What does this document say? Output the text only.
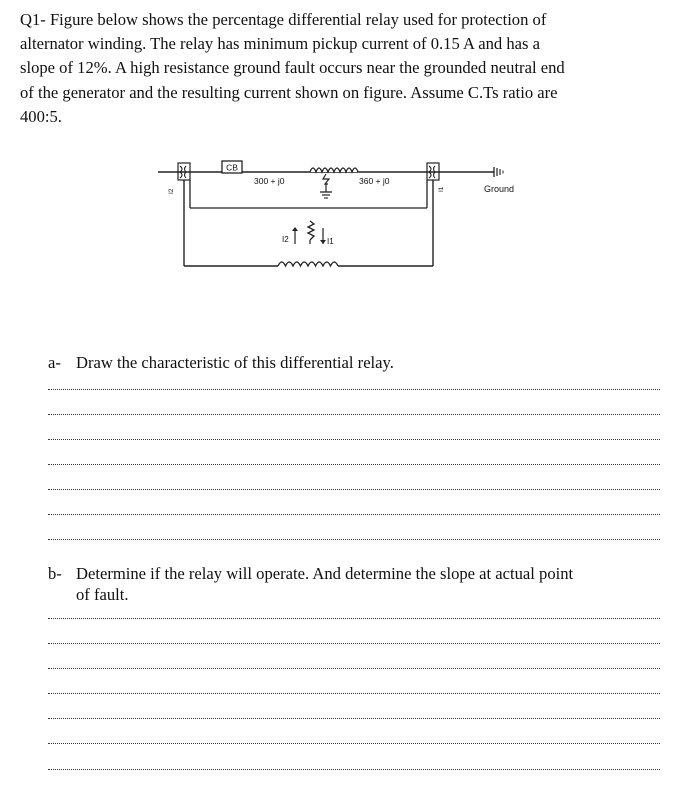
Q1- Figure below shows the percentage differential relay used for protection of
alternator winding. The relay has minimum pickup current of 0.15 A and has a
slope of 12%. A high resistance ground fault occurs near the grounded neutral end
of the generator and the resulting current shown on figure. Assume C.Ts ratio are
400:5.
CB
300 + j0	360 + j0
Ground
I2	I1
I2	I1

a- Draw the characteristic of this differential relay.

b- Determine if the relay will operate. And determine the slope at actual point
of fault.
